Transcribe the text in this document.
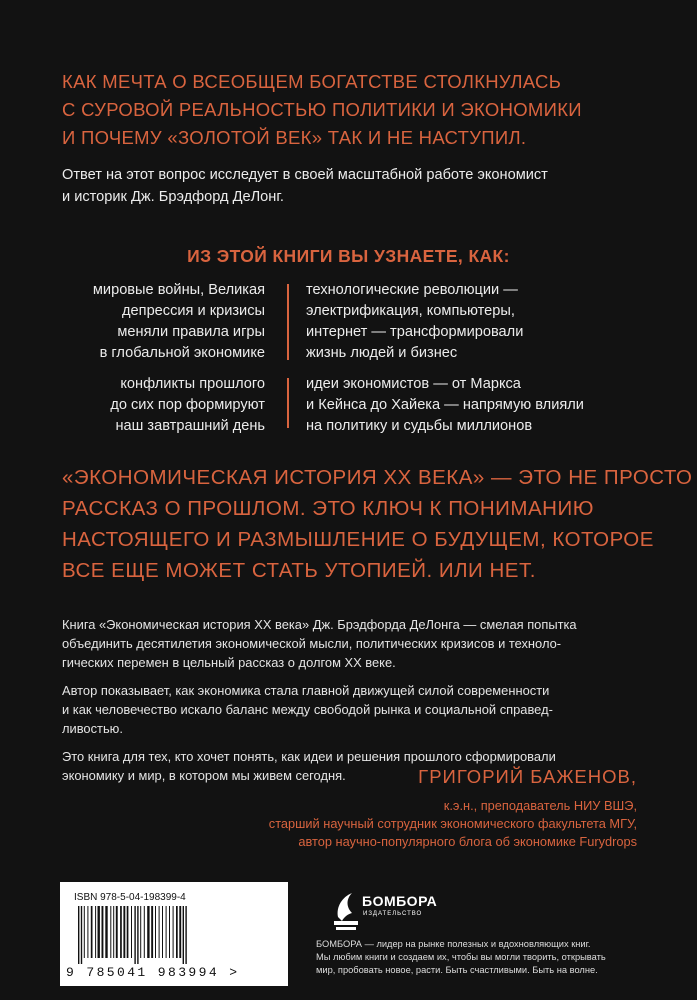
КАК МЕЧТА О ВСЕОБЩЕМ БОГАТСТВЕ СТОЛКНУЛАСЬ
С СУРОВОЙ РЕАЛЬНОСТЬЮ ПОЛИТИКИ И ЭКОНОМИКИ
И ПОЧЕМУ «ЗОЛОТОЙ ВЕК» ТАК И НЕ НАСТУПИЛ.
Ответ на этот вопрос исследует в своей масштабной работе экономист
и историк Дж. Брэдфорд ДеЛонг.
ИЗ ЭТОЙ КНИГИ ВЫ УЗНАЕТЕ, КАК:
мировые войны, Великая
депрессия и кризисы
меняли правила игры
в глобальной экономике
технологические революции —
электрификация, компьютеры,
интернет — трансформировали
жизнь людей и бизнес
конфликты прошлого
до сих пор формируют
наш завтрашний день
идеи экономистов — от Маркса
и Кейнса до Хайека — напрямую влияли
на политику и судьбы миллионов
«ЭКОНОМИЧЕСКАЯ ИСТОРИЯ XX ВЕКА» — ЭТО НЕ ПРОСТО
РАССКАЗ О ПРОШЛОМ. ЭТО КЛЮЧ К ПОНИМАНИЮ
НАСТОЯЩЕГО И РАЗМЫШЛЕНИЕ О БУДУЩЕМ, КОТОРОЕ
ВСЕ ЕЩЕ МОЖЕТ СТАТЬ УТОПИЕЙ. ИЛИ НЕТ.

Книга «Экономическая история XX века» Дж. Брэдфорда ДеЛонга — смелая попытка
объединить десятилетия экономической мысли, политических кризисов и техноло-
гических перемен в цельный рассказ о долгом XX веке.

Автор показывает, как экономика стала главной движущей силой современности
и как человечество искало баланс между свободой рынка и социальной справед-
ливостью.

Это книга для тех, кто хочет понять, как идеи и решения прошлого сформировали
экономику и мир, в котором мы живем сегодня.	ГРИГОРИЙ БАЖЕНОВ,
к.э.н., преподаватель НИУ ВШЭ,
старший научный сотрудник экономического факультета МГУ,
автор научно-популярного блога об экономике Furydrops
ISBN 978-5-04-198399-4
9 785041 983994 >
БОМБОРА
ИЗДАТЕЛЬСТВО
БОМБОРА — лидер на рынке полезных и вдохновляющих книг.
Мы любим книги и создаем их, чтобы вы могли творить, открывать
мир, пробовать новое, расти. Быть счастливыми. Быть на волне.
